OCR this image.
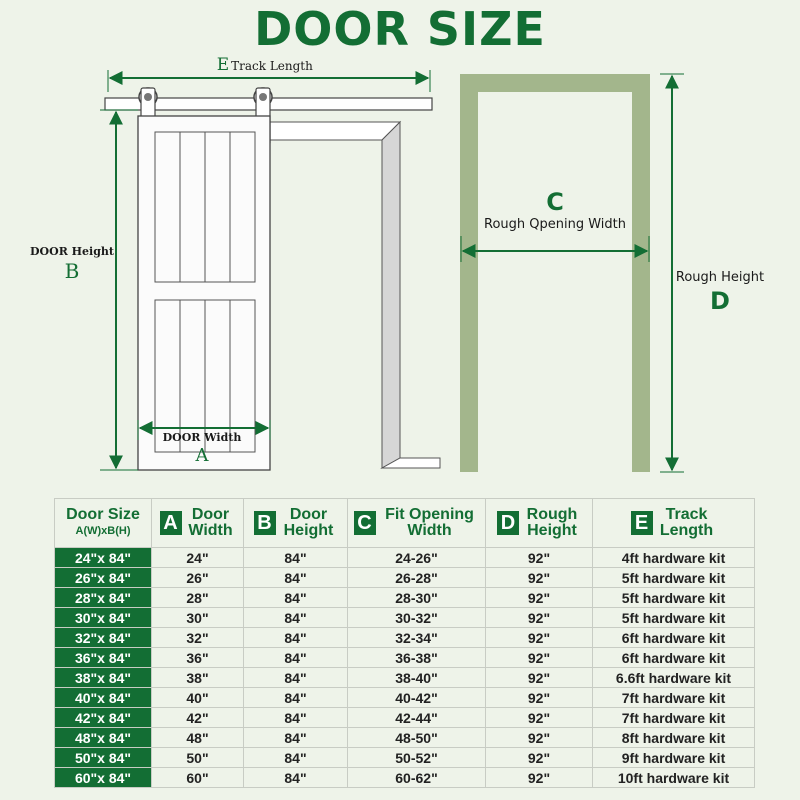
DOOR SIZE
E Track Length
DOOR Height
B
DOOR Width
A
C
Rough Qpening Width
Rough Height
D
Door Size
A(W)xB(H)	A Door Width	B Door Height	C Fit Opening Width	D Rough Height	E Track Length

24"x 84"	24"	84"	24-26"	92"	4ft hardware kit
26"x 84"	26"	84"	26-28"	92"	5ft hardware kit
28"x 84"	28"	84"	28-30"	92"	5ft hardware kit
30"x 84"	30"	84"	30-32"	92"	5ft hardware kit
32"x 84"	32"	84"	32-34"	92"	6ft hardware kit
36"x 84"	36"	84"	36-38"	92"	6ft hardware kit
38"x 84"	38"	84"	38-40"	92"	6.6ft hardware kit
40"x 84"	40"	84"	40-42"	92"	7ft hardware kit
42"x 84"	42"	84"	42-44"	92"	7ft hardware kit
48"x 84"	48"	84"	48-50"	92"	8ft hardware kit
50"x 84"	50"	84"	50-52"	92"	9ft hardware kit
60"x 84"	60"	84"	60-62"	92"	10ft hardware kit
